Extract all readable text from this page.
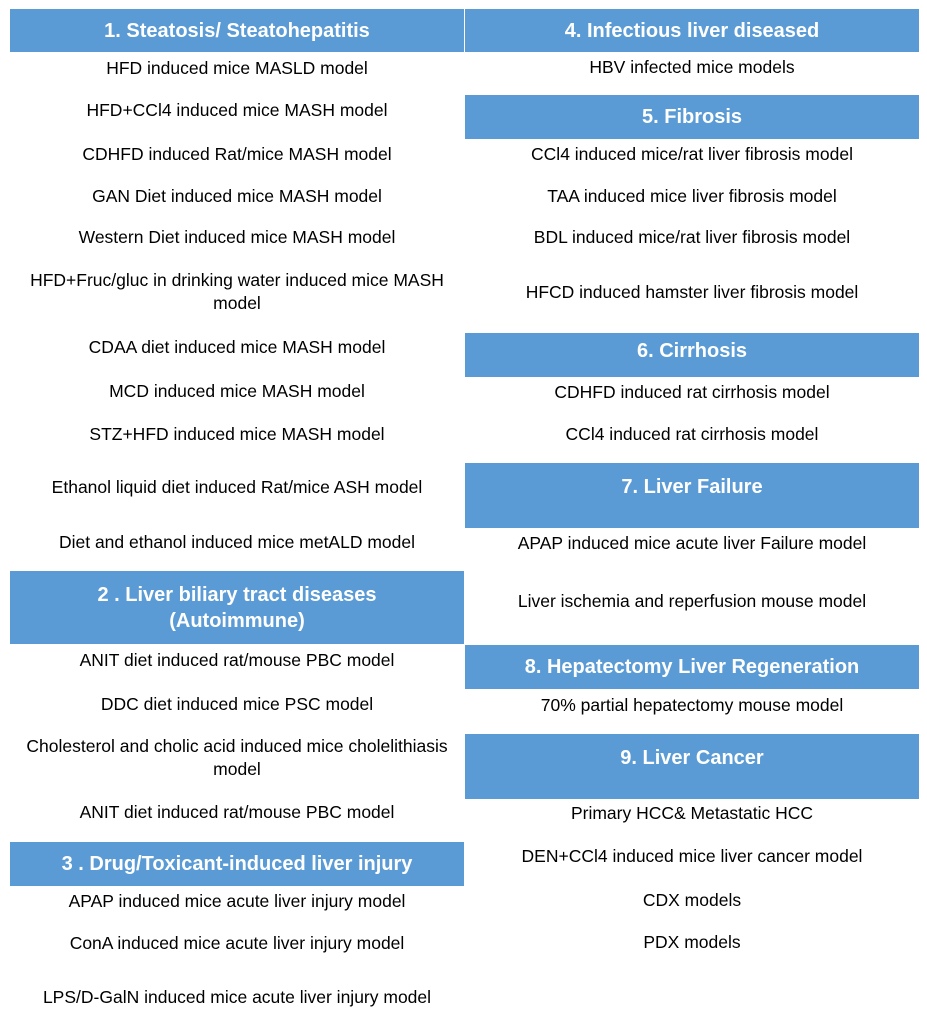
1. Steatosis/ Steatohepatitis
HFD induced mice MASLD model
HFD+CCl4 induced mice MASH model
CDHFD induced Rat/mice MASH model
GAN Diet induced mice MASH model
Western Diet induced mice MASH model
HFD+Fruc/gluc in drinking water induced mice MASH model
CDAA diet induced mice MASH model
MCD induced mice MASH model
STZ+HFD induced mice MASH model
Ethanol liquid diet induced Rat/mice ASH model
Diet and ethanol induced mice metALD model
2 . Liver biliary tract diseases
(Autoimmune)
ANIT diet induced rat/mouse PBC model
DDC diet induced mice PSC model
Cholesterol and cholic acid induced mice cholelithiasis model
ANIT diet induced rat/mouse PBC model
3 . Drug/Toxicant-induced liver injury
APAP induced mice acute liver injury model
ConA induced mice acute liver injury model
LPS/D-GalN induced mice acute liver injury model
4. Infectious liver diseased
HBV infected mice models
5. Fibrosis
CCl4 induced mice/rat liver fibrosis model
TAA induced mice liver fibrosis model
BDL induced mice/rat liver fibrosis model
HFCD induced hamster liver fibrosis model
6. Cirrhosis
CDHFD induced rat cirrhosis model
CCl4 induced rat cirrhosis model
7. Liver Failure
APAP induced mice acute liver Failure model
Liver ischemia and reperfusion mouse model
8. Hepatectomy Liver Regeneration
70% partial hepatectomy mouse model
9. Liver Cancer
Primary HCC& Metastatic HCC
DEN+CCl4 induced mice liver cancer model
CDX models
PDX models
